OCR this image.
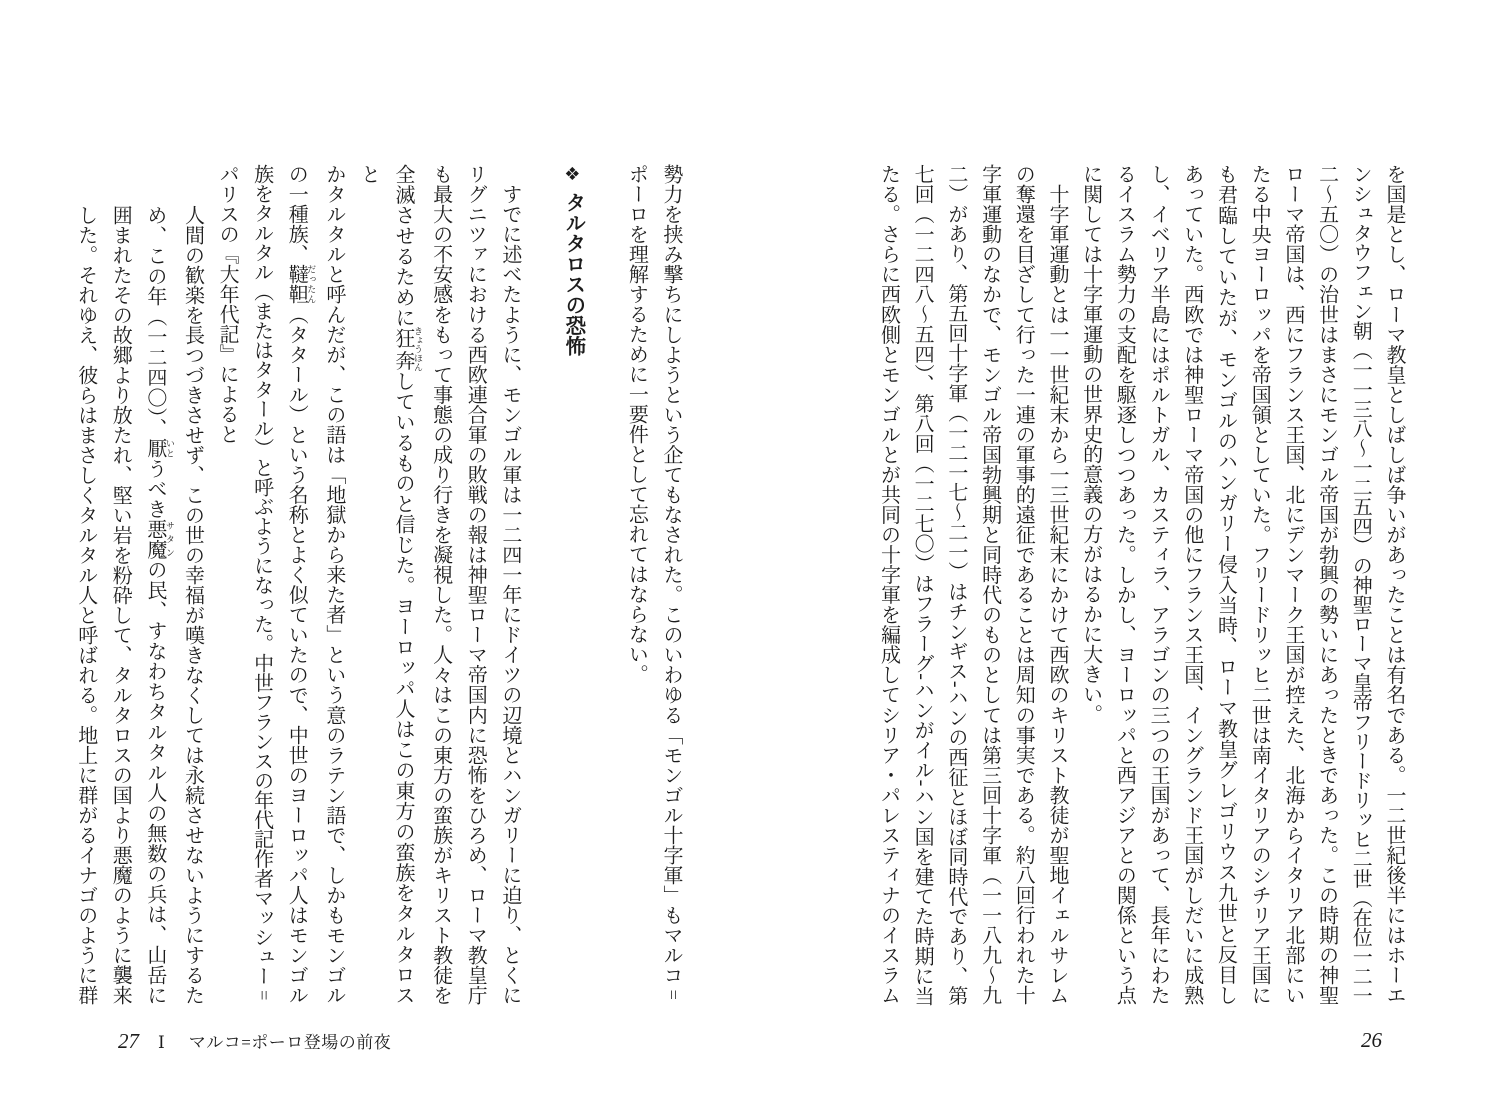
を国是とし、ローマ教皇としばしば争いがあったことは有名である。一二世紀後半にはホーエ

ンシュタウフェン朝（一一三八～一二五四）の神聖ローマ皇帝フリードリッヒ二世（在位一二一

二～五〇）の治世はまさにモンゴル帝国が勃興の勢いにあったときであった。この時期の神聖

ローマ帝国は、西にフランス王国、北にデンマーク王国が控えた、北海からイタリア北部にい

たる中央ヨーロッパを帝国領としていた。フリードリッヒ二世は南イタリアのシチリア王国に

も君臨していたが、モンゴルのハンガリー侵入当時、ローマ教皇グレゴリウス九世と反目し

あっていた。西欧では神聖ローマ帝国の他にフランス王国、イングランド王国がしだいに成熟

し、イベリア半島にはポルトガル、カスティラ、アラゴンの三つの王国があって、長年にわた

るイスラム勢力の支配を駆逐しつつあった。しかし、ヨーロッパと西アジアとの関係という点

に関しては十字軍運動の世界史的意義の方がはるかに大きい。

　十字軍運動とは一一世紀末から一三世紀末にかけて西欧のキリスト教徒が聖地イェルサレム

の奪還を目ざして行った一連の軍事的遠征であることは周知の事実である。約八回行われた十

字軍運動のなかで、モンゴル帝国勃興期と同時代のものとしては第三回十字軍（一一八九～九

二）があり、第五回十字軍（一二一七～二一）はチンギス‐ハンの西征とほぼ同時代であり、第

七回（一二四八～五四）、第八回（一二七〇）はフラーグ‐ハンがイル‐ハン国を建てた時期に当

たる。さらに西欧側とモンゴルとが共同の十字軍を編成してシリア・パレスティナのイスラム

勢力を挟み撃ちにしようという企てもなされた。このいわゆる「モンゴル十字軍」もマルコ゠

ポーロを理解するために一要件として忘れてはならない。

❖タルタロスの恐怖

　すでに述べたように、モンゴル軍は一二四一年にドイツの辺境とハンガリーに迫り、とくに

リグニツァにおける西欧連合軍の敗戦の報は神聖ローマ帝国内に恐怖をひろめ、ローマ教皇庁

も最大の不安感をもって事態の成り行きを凝視した。人々はこの東方の蛮族がキリスト教徒を

全滅させるために狂奔 きょうほんしているものと信じた。ヨーロッパ人はこの東方の蛮族をタルタロスと

かタルタルと呼んだが、この語は「地獄から来た者」という意のラテン語で、しかもモンゴル

の一種族、韃靼 だったん（タタール）という名称とよく似ていたので、中世のヨーロッパ人はモンゴル

族をタルタル（またはタタール）と呼ぶようになった。中世フランスの年代記作者マッシュー゠

パリスの『大年代記』によると

人間の歓楽を長つづきさせず、この世の幸福が嘆きなくしては永続させないようにするた

め、この年（一二四〇）、厭 いとうべき悪魔 サタンの民、すなわちタルタル人の無数の兵は、山岳に

囲まれたその故郷より放たれ、堅い岩を粉砕して、タルタロスの国より悪魔のように襲来

した。それゆえ、彼らはまさしくタルタル人と呼ばれる。地上に群がるイナゴのように群

27 Ⅰ マルコ=ポーロ登場の前夜	26
